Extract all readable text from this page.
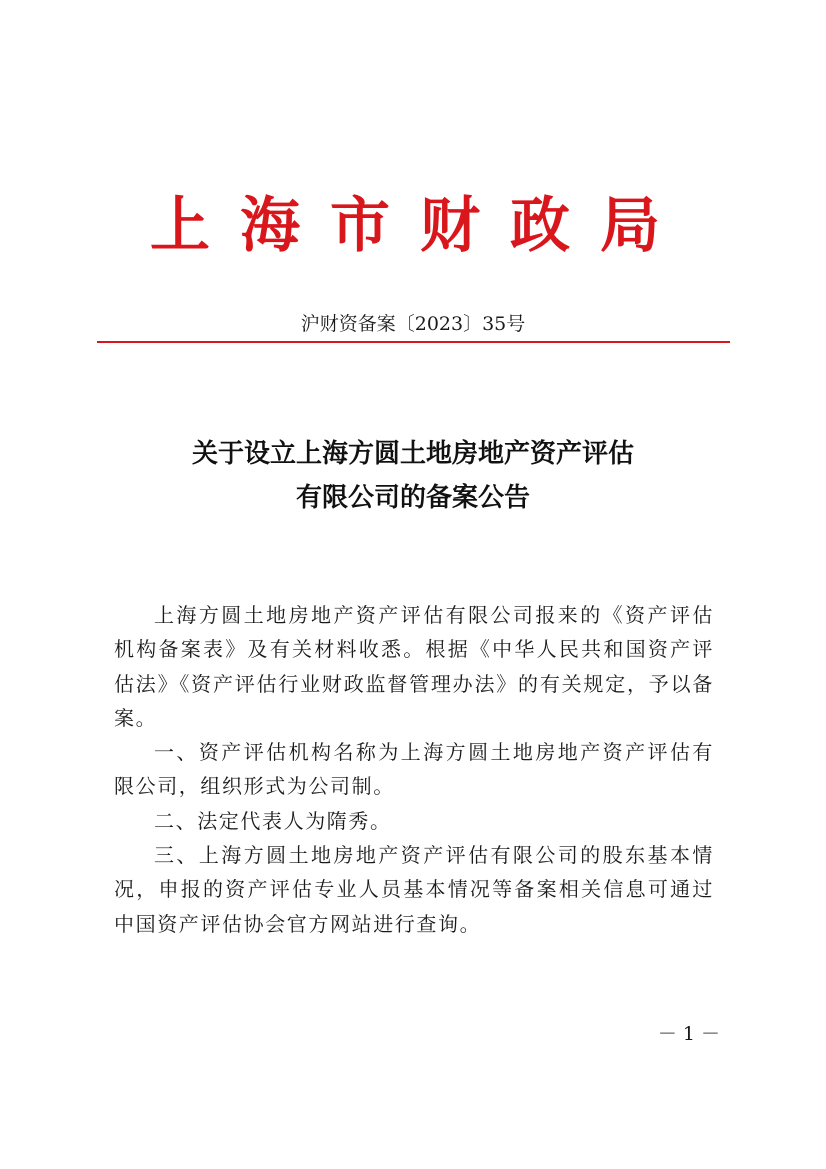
上海市财政局
沪财资备案〔2023〕35号
关于设立上海方圆土地房地产资产评估
有限公司的备案公告

上海方圆土地房地产资产评估有限公司报来的《资产评估机构备案表》及有关材料收悉。根据《中华人民共和国资产评估法》《资产评估行业财政监督管理办法》的有关规定，予以备案。

一、资产评估机构名称为上海方圆土地房地产资产评估有限公司，组织形式为公司制。

二、法定代表人为隋秀。

三、上海方圆土地房地产资产评估有限公司的股东基本情况，申报的资产评估专业人员基本情况等备案相关信息可通过中国资产评估协会官方网站进行查询。

－ 1 －
